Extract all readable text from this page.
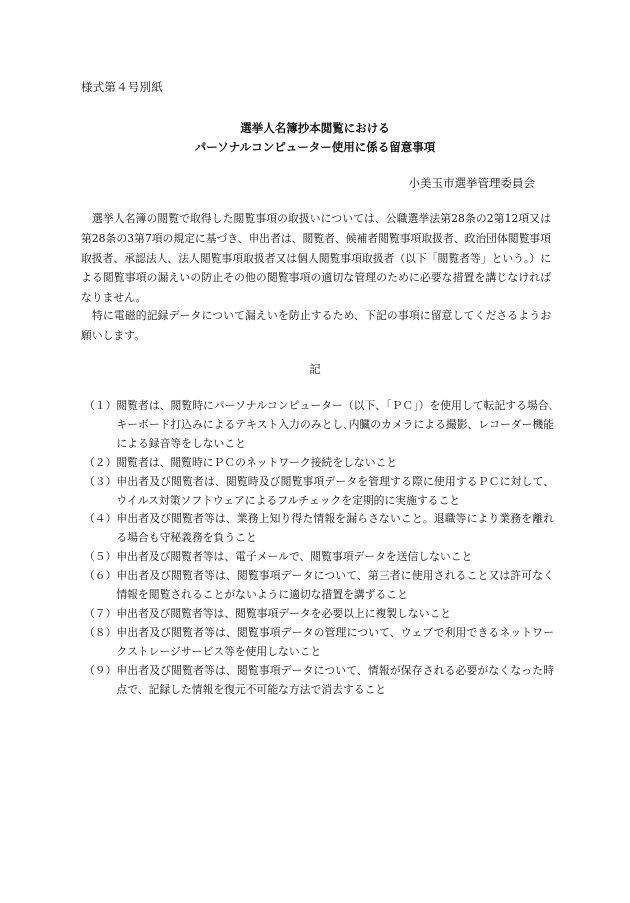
様式第４号別紙
選挙人名簿抄本閲覧における
パーソナルコンピューター使用に係る留意事項
小美玉市選挙管理委員会
選挙人名簿の閲覧で取得した閲覧事項の取扱いについては、公職選挙法第28条の2第12項又は第28条の3第7項の規定に基づき、申出者は、閲覧者、候補者閲覧事項取扱者、政治団体閲覧事項取扱者、承認法人、法人閲覧事項取扱者又は個人閲覧事項取扱者（以下「閲覧者等」という。）による閲覧事項の漏えいの防止その他の閲覧事項の適切な管理のために必要な措置を講じなければなりません。
特に電磁的記録データについて漏えいを防止するため、下記の事項に留意してくださるようお願いします。
記
（１） 閲覧者は、閲覧時にパーソナルコンピューター（以下、「ＰＣ」）を使用して転記する場合､キーボード打込みによるテキスト入力のみとし､内臓のカメラによる撮影、レコーダー機能による録音等をしないこと
（２） 閲覧者は、閲覧時にＰＣのネットワーク接続をしないこと
（３） 申出者及び閲覧者は、閲覧時及び閲覧事項データを管理する際に使用するＰＣに対して、ウイルス対策ソフトウェアによるフルチェックを定期的に実施すること
（４） 申出者及び閲覧者等は、業務上知り得た情報を漏らさないこと。退職等により業務を離れる場合も守秘義務を負うこと
（５） 申出者及び閲覧者等は、電子メールで、閲覧事項データを送信しないこと
（６） 申出者及び閲覧者等は、閲覧事項データについて、第三者に使用されること又は許可なく情報を閲覧されることがないように適切な措置を講ずること
（７） 申出者及び閲覧者等は、閲覧事項データを必要以上に複製しないこと
（８） 申出者及び閲覧者等は、閲覧事項データの管理について、ウェブで利用できるネットワークストレージサービス等を使用しないこと
（９） 申出者及び閲覧者等は、閲覧事項データについて、情報が保存される必要がなくなった時点で、記録した情報を復元不可能な方法で消去すること
